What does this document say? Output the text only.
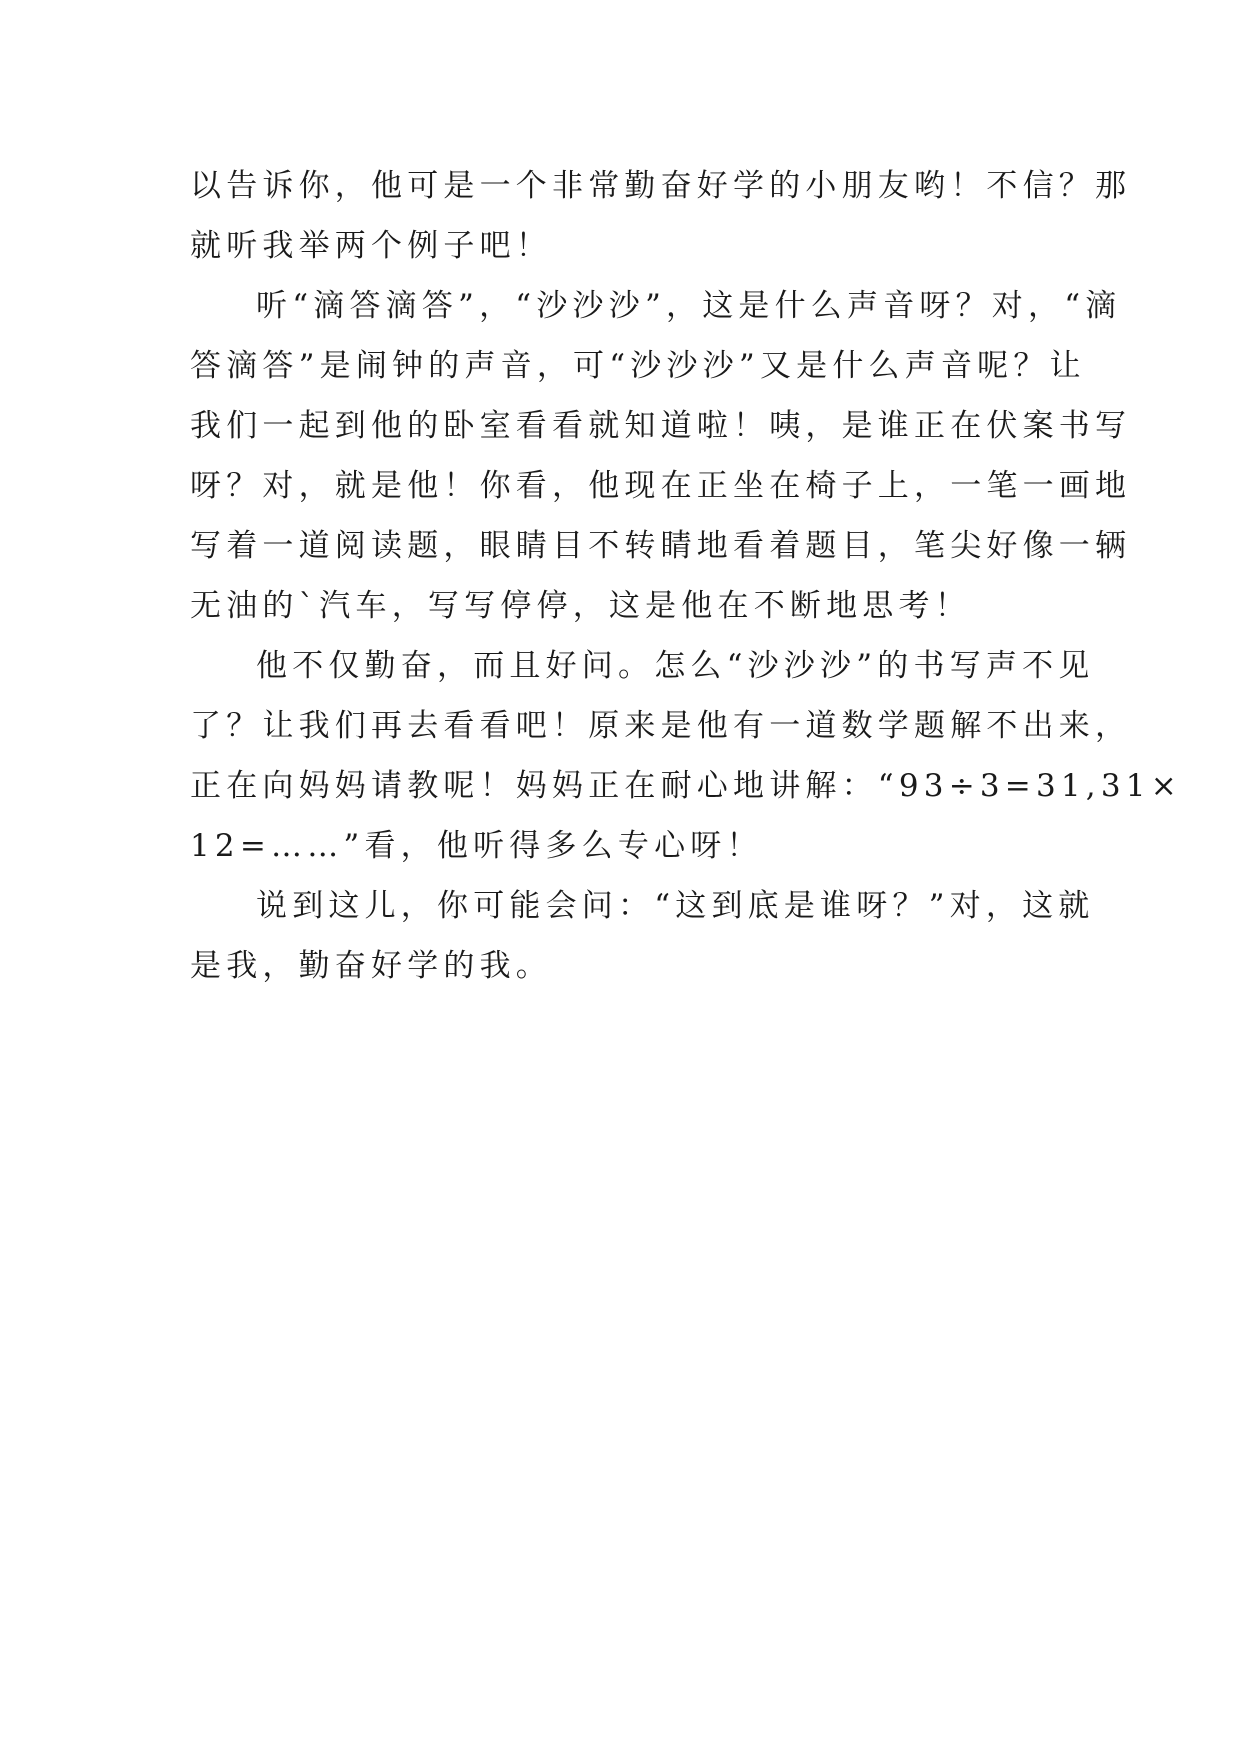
以告诉你，他可是一个非常勤奋好学的小朋友哟！不信？那
就听我举两个例子吧！
听“滴答滴答”，“沙沙沙”，这是什么声音呀？对，“滴
答滴答”是闹钟的声音，可“沙沙沙”又是什么声音呢？让
我们一起到他的卧室看看就知道啦！咦，是谁正在伏案书写
呀？对，就是他！你看，他现在正坐在椅子上，一笔一画地
写着一道阅读题，眼睛目不转睛地看着题目，笔尖好像一辆
无油的`汽车，写写停停，这是他在不断地思考！
他不仅勤奋，而且好问。怎么“沙沙沙”的书写声不见
了？让我们再去看看吧！原来是他有一道数学题解不出来，
正在向妈妈请教呢！妈妈正在耐心地讲解：“93÷3=31,31×
12=……”看，他听得多么专心呀！
说到这儿，你可能会问：“这到底是谁呀？”对，这就
是我，勤奋好学的我。
